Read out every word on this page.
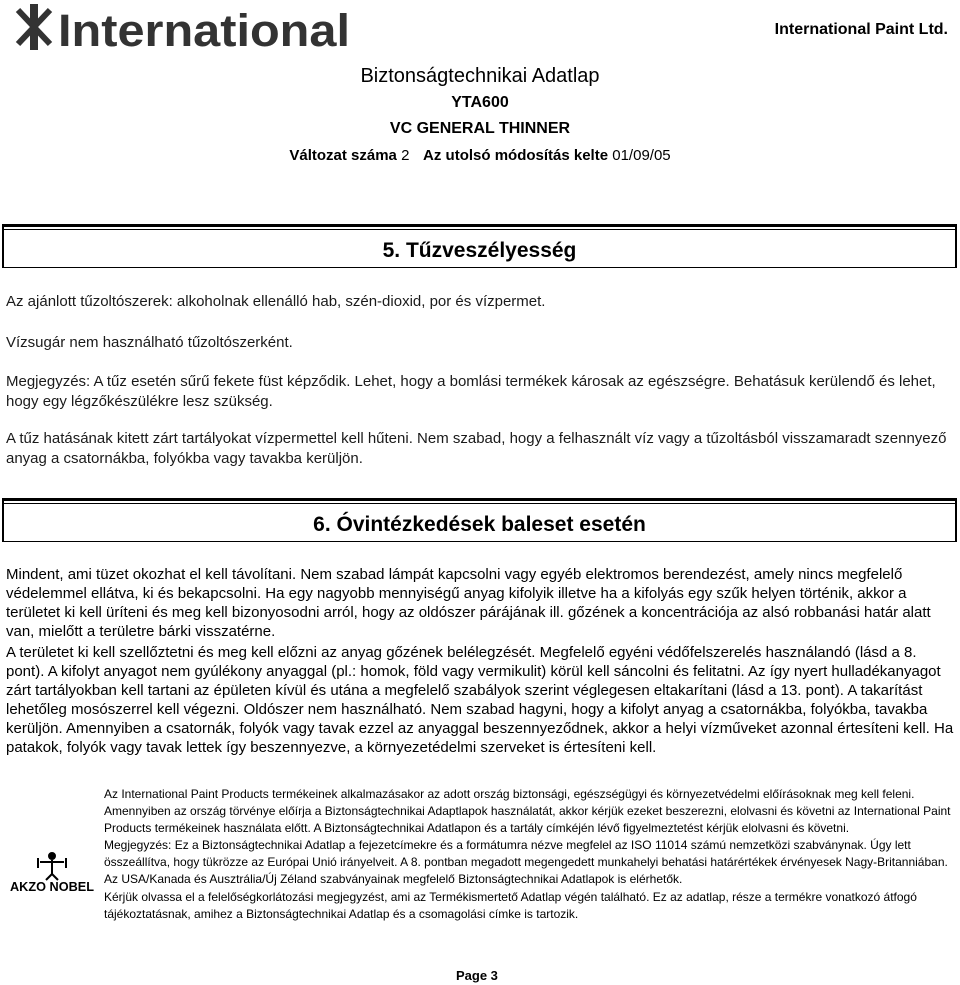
International	International Paint Ltd.
Biztonságtechnikai Adatlap
YTA600
VC GENERAL THINNER
Változat száma 2 Az utolsó módosítás kelte 01/09/05
5. Tűzveszélyesség
Az ajánlott tűzoltószerek: alkoholnak ellenálló hab, szén-dioxid, por és vízpermet.
Vízsugár nem használható tűzoltószerként.
Megjegyzés: A tűz esetén sűrű fekete füst képződik. Lehet, hogy a bomlási termékek károsak az egészségre. Behatásuk kerülendő és lehet, hogy egy légzőkészülékre lesz szükség.
A tűz hatásának kitett zárt tartályokat vízpermettel kell hűteni. Nem szabad, hogy a felhasznált víz vagy a tűzoltásból visszamaradt szennyező anyag a csatornákba, folyókba vagy tavakba kerüljön.
6. Óvintézkedések baleset esetén

Mindent, ami tüzet okozhat el kell távolítani. Nem szabad lámpát kapcsolni vagy egyéb elektromos berendezést, amely nincs megfelelő védelemmel ellátva, ki és bekapcsolni. Ha egy nagyobb mennyiségű anyag kifolyik illetve ha a kifolyás egy szűk helyen történik, akkor a területet ki kell üríteni és meg kell bizonyosodni arról, hogy az oldószer párájának ill. gőzének a koncentrációja az alsó robbanási határ alatt van, mielőtt a területre bárki visszatérne.

A területet ki kell szellőztetni és meg kell előzni az anyag gőzének belélegzését. Megfelelő egyéni védőfelszerelés használandó (lásd a 8. pont). A kifolyt anyagot nem gyúlékony anyaggal (pl.: homok, föld vagy vermikulit) körül kell sáncolni és felitatni. Az így nyert hulladékanyagot zárt tartályokban kell tartani az épületen kívül és utána a megfelelő szabályok szerint véglegesen eltakarítani (lásd a 13. pont). A takarítást lehetőleg mosószerrel kell végezni. Oldószer nem használható. Nem szabad hagyni, hogy a kifolyt anyag a csatornákba, folyókba, tavakba kerüljön. Amennyiben a csatornák, folyók vagy tavak ezzel az anyaggal beszennyeződnek, akkor a helyi vízműveket azonnal értesíteni kell. Ha patakok, folyók vagy tavak lettek így beszennyezve, a környezetédelmi szerveket is értesíteni kell.

AKZO NOBEL

Az International Paint Products termékeinek alkalmazásakor az adott ország biztonsági, egészségügyi és környezetvédelmi előírásoknak meg kell feleni.

Amennyiben az ország törvénye előírja a Biztonságtechnikai Adaptlapok használatát, akkor kérjük ezeket beszerezni, elolvasni és követni az International Paint Products termékeinek használata előtt. A Biztonságtechnikai Adatlapon és a tartály címkéjén lévő figyelmeztetést kérjük elolvasni és követni.

Megjegyzés: Ez a Biztonságtechnikai Adatlap a fejezetcímekre és a formátumra nézve megfelel az ISO 11014 számú nemzetközi szabványnak. Úgy lett összeállítva, hogy tükrözze az Európai Unió irányelveit. A 8. pontban megadott megengedett munkahelyi behatási határértékek érvényesek Nagy-Britanniában. Az USA/Kanada és Ausztrália/Új Zéland szabványainak megfelelő Biztonságtechnikai Adatlapok is elérhetők.

Kérjük olvassa el a felelőségkorlátozási megjegyzést, ami az Termékismertető Adatlap végén található. Ez az adatlap, része a termékre vonatkozó átfogó tájékoztatásnak, amihez a Biztonságtechnikai Adatlap és a csomagolási címke is tartozik.

Page 3
